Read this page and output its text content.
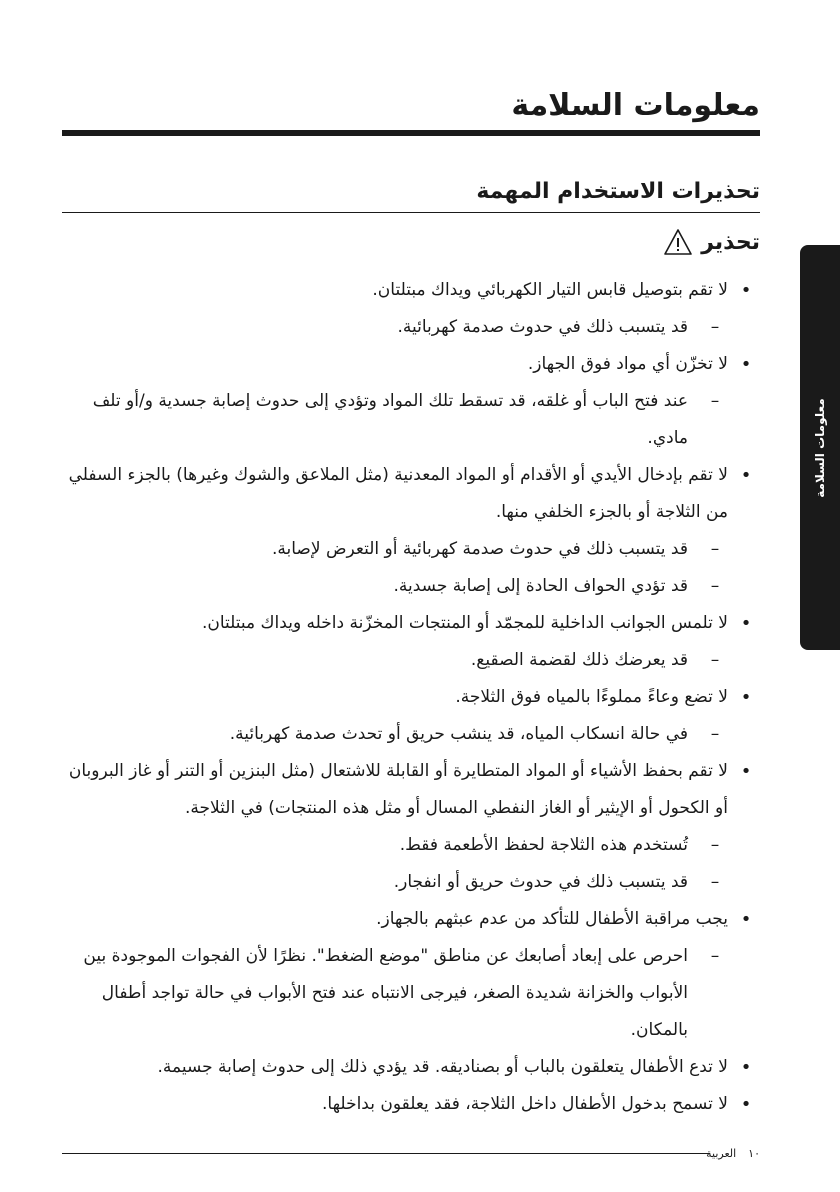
معلومات السلامة
تحذيرات الاستخدام المهمة
تحذير
•
لا تقم بتوصيل قابس التيار الكهربائي ويداك مبتلتان.
–
قد يتسبب ذلك في حدوث صدمة كهربائية.
•
لا تخزّن أي مواد فوق الجهاز.
–
عند فتح الباب أو غلقه، قد تسقط تلك المواد وتؤدي إلى حدوث إصابة جسدية و/أو تلف مادي.
•
لا تقم بإدخال الأيدي أو الأقدام أو المواد المعدنية (مثل الملاعق والشوك وغيرها) بالجزء السفلي من الثلاجة أو بالجزء الخلفي منها.
–
قد يتسبب ذلك في حدوث صدمة كهربائية أو التعرض لإصابة.
–
قد تؤدي الحواف الحادة إلى إصابة جسدية.
•
لا تلمس الجوانب الداخلية للمجمّد أو المنتجات المخزّنة داخله ويداك مبتلتان.
–
قد يعرضك ذلك لقضمة الصقيع.
•
لا تضع وعاءً مملوءًا بالمياه فوق الثلاجة.
–
في حالة انسكاب المياه، قد ينشب حريق أو تحدث صدمة كهربائية.
•
لا تقم بحفظ الأشياء أو المواد المتطايرة أو القابلة للاشتعال (مثل البنزين أو التنر أو غاز البروبان أو الكحول أو الإيثير أو الغاز النفطي المسال أو مثل هذه المنتجات) في الثلاجة.
–
تُستخدم هذه الثلاجة لحفظ الأطعمة فقط.
–
قد يتسبب ذلك في حدوث حريق أو انفجار.
•
يجب مراقبة الأطفال للتأكد من عدم عبثهم بالجهاز.
–
احرص على إبعاد أصابعك عن مناطق "موضع الضغط". نظرًا لأن الفجوات الموجودة بين الأبواب والخزانة شديدة الصغر، فيرجى الانتباه عند فتح الأبواب في حالة تواجد أطفال بالمكان.
•
لا تدع الأطفال يتعلقون بالباب أو بصناديقه. قد يؤدي ذلك إلى حدوث إصابة جسيمة.
•
لا تسمح بدخول الأطفال داخل الثلاجة، فقد يعلقون بداخلها.
معلومات السلامة
١٠
العربية
